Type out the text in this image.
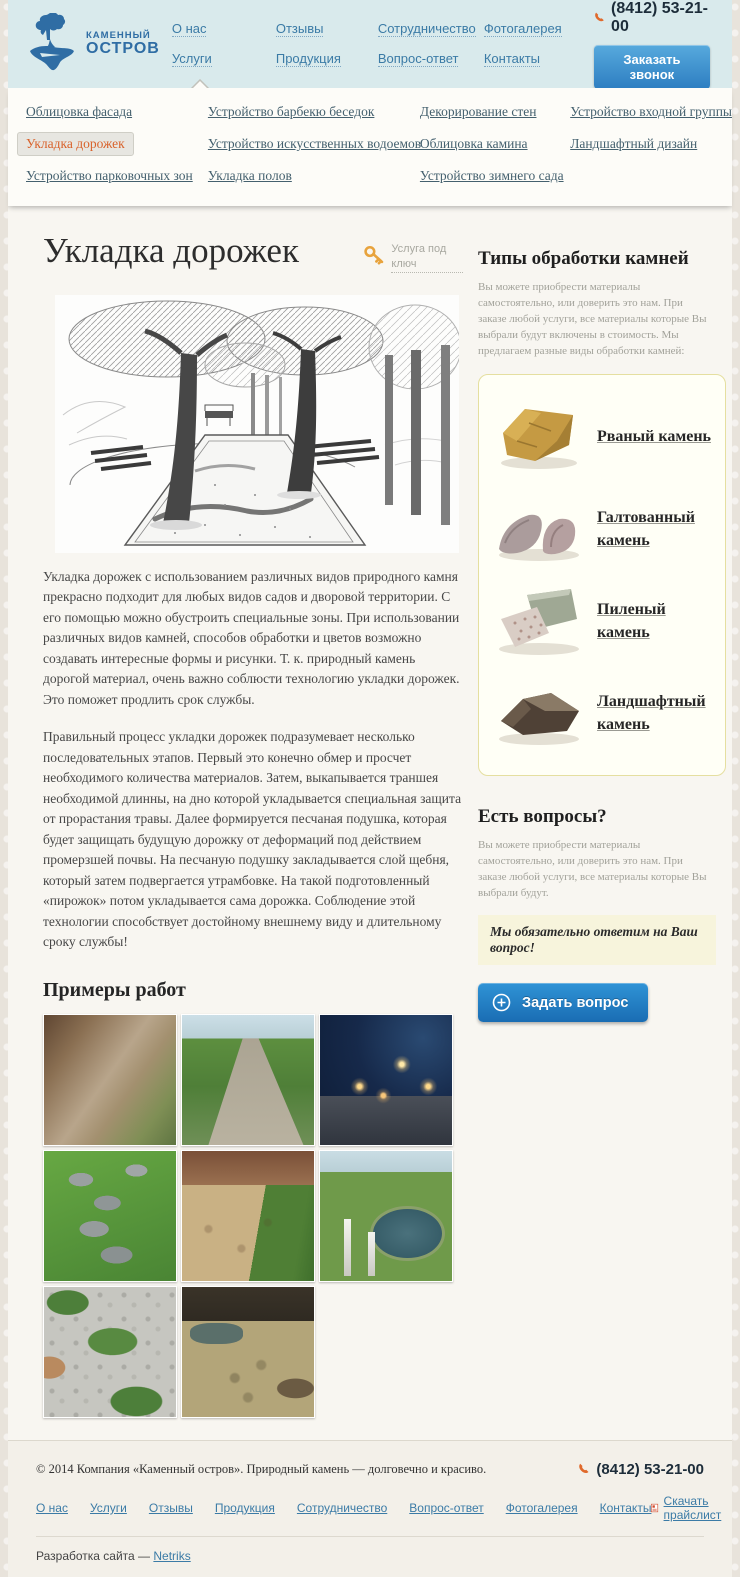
КАМЕННЫЙ
ОСТРОВ
О нас	Отзывы	Сотрудничество Фотогалерея
Услуги	Продукция	Вопрос-ответ Контакты
(8412) 53-21-00
Заказать звонок
Облицовка фасада
Укладка дорожек
Устройство парковочных зон
Устройство барбекю беседок
Устройство искусственных водоемов
Укладка полов
Декорирование стен
Облицовка камина
Устройство зимнего сада
Устройство входной группы
Ландшафтный дизайн
Укладка дорожек	Услуга под ключ

Укладка дорожек с использованием различных видов природного камня прекрасно подходит для любых видов садов и дворовой территории. С его помощью можно обустроить специальные зоны. При использовании различных видов камней, способов обработки и цветов возможно создавать интересные формы и рисунки. Т. к. природный камень дорогой материал, очень важно соблюсти технологию укладки дорожек. Это поможет продлить срок службы.

Правильный процесс укладки дорожек подразумевает несколько последовательных этапов. Первый это конечно обмер и просчет необходимого количества материалов. Затем, выкапывается траншея необходимой длинны, на дно которой укладывается специальная защита от прорастания травы. Далее формируется песчаная подушка, которая будет защищать будущую дорожку от деформаций под действием промерзшей почвы. На песчаную подушку закладывается слой щебня, который затем подвергается утрамбовке. На такой подготовленный «пирожок» потом укладывается сама дорожка. Соблюдение этой технологии способствует достойному внешнему виду и длительному сроку службы!

Примеры работ
Типы обработки камней

Вы можете приобрести материалы самостоятельно, или доверить это нам. При заказе любой услуги, все материалы которые Вы выбрали будут включены в стоимость. Мы предлагаем разные виды обработки камней:

Рваный камень
Галтованный камень
Пиленый камень
Ландшафтный камень
Есть вопросы?

Вы можете приобрести материалы самостоятельно, или доверить это нам. При заказе любой услуги, все материалы которые Вы выбрали будут.

Мы обязательно ответим на Ваш вопрос!
Задать вопрос
© 2014 Компания «Каменный остров». Природный камень — долговечно и красиво.	(8412) 53-21-00
О нас Услуги Отзывы Продукция Сотрудничество Вопрос-ответ Фотогалерея Контакты Скачать прайслист
Разработка сайта — Netriks
